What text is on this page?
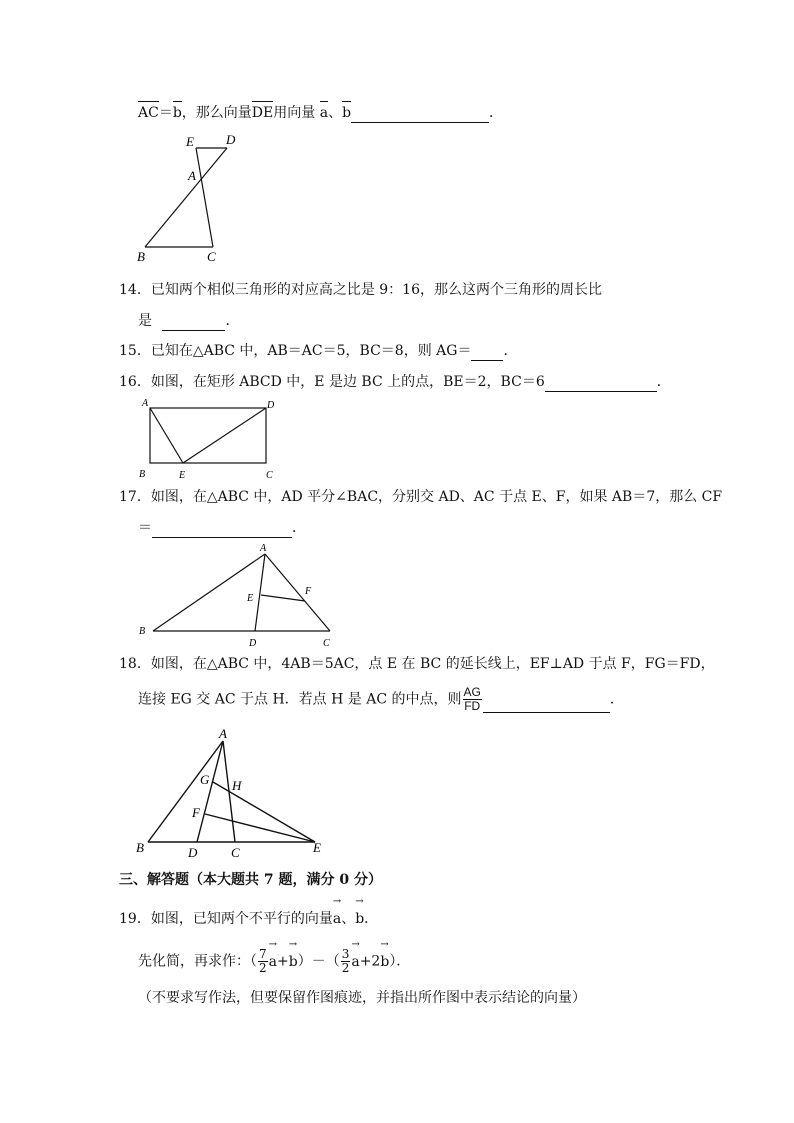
AC＝b，那么向量DE用向量 a、b	．
E D
A
B	C
14．已知两个相似三角形的对应高之比是 9：16，那么这两个三角形的周长比
是	．
15．已知在△ABC 中，AB＝AC＝5，BC＝8，则 AG＝ ．
16．如图，在矩形 ABCD 中，E 是边 BC 上的点，BE＝2，BC＝6	．
A	D
B	E	C
17．如图，在△ABC 中，AD 平分∠BAC，分别交 AD、AC 于点 E、F，如果 AB＝7，那么 CF
＝	．
A
E
F
B
D	C
18．如图，在△ABC 中，4AB＝5AC，点 E 在 BC 的延长线上，EF⊥AD 于点 F，FG＝FD，
连接 EG 交 AC 于点 H．若点 H 是 AC 的中点，则 $\frac{AG}{FD}$	．
A
G H
F
B	D	C	E
三、解答题（本大题共 7 题，满分 0 分）
19．如图，已知两个不平行的向量→ a、→ b．
先化简，再求作：（ $\frac{7}{2}$
→ $a+\to b)-( \frac{3}{2}$
→ a+2→ b）．
（不要求写作法，但要保留作图痕迹，并指出所作图中表示结论的向量）
